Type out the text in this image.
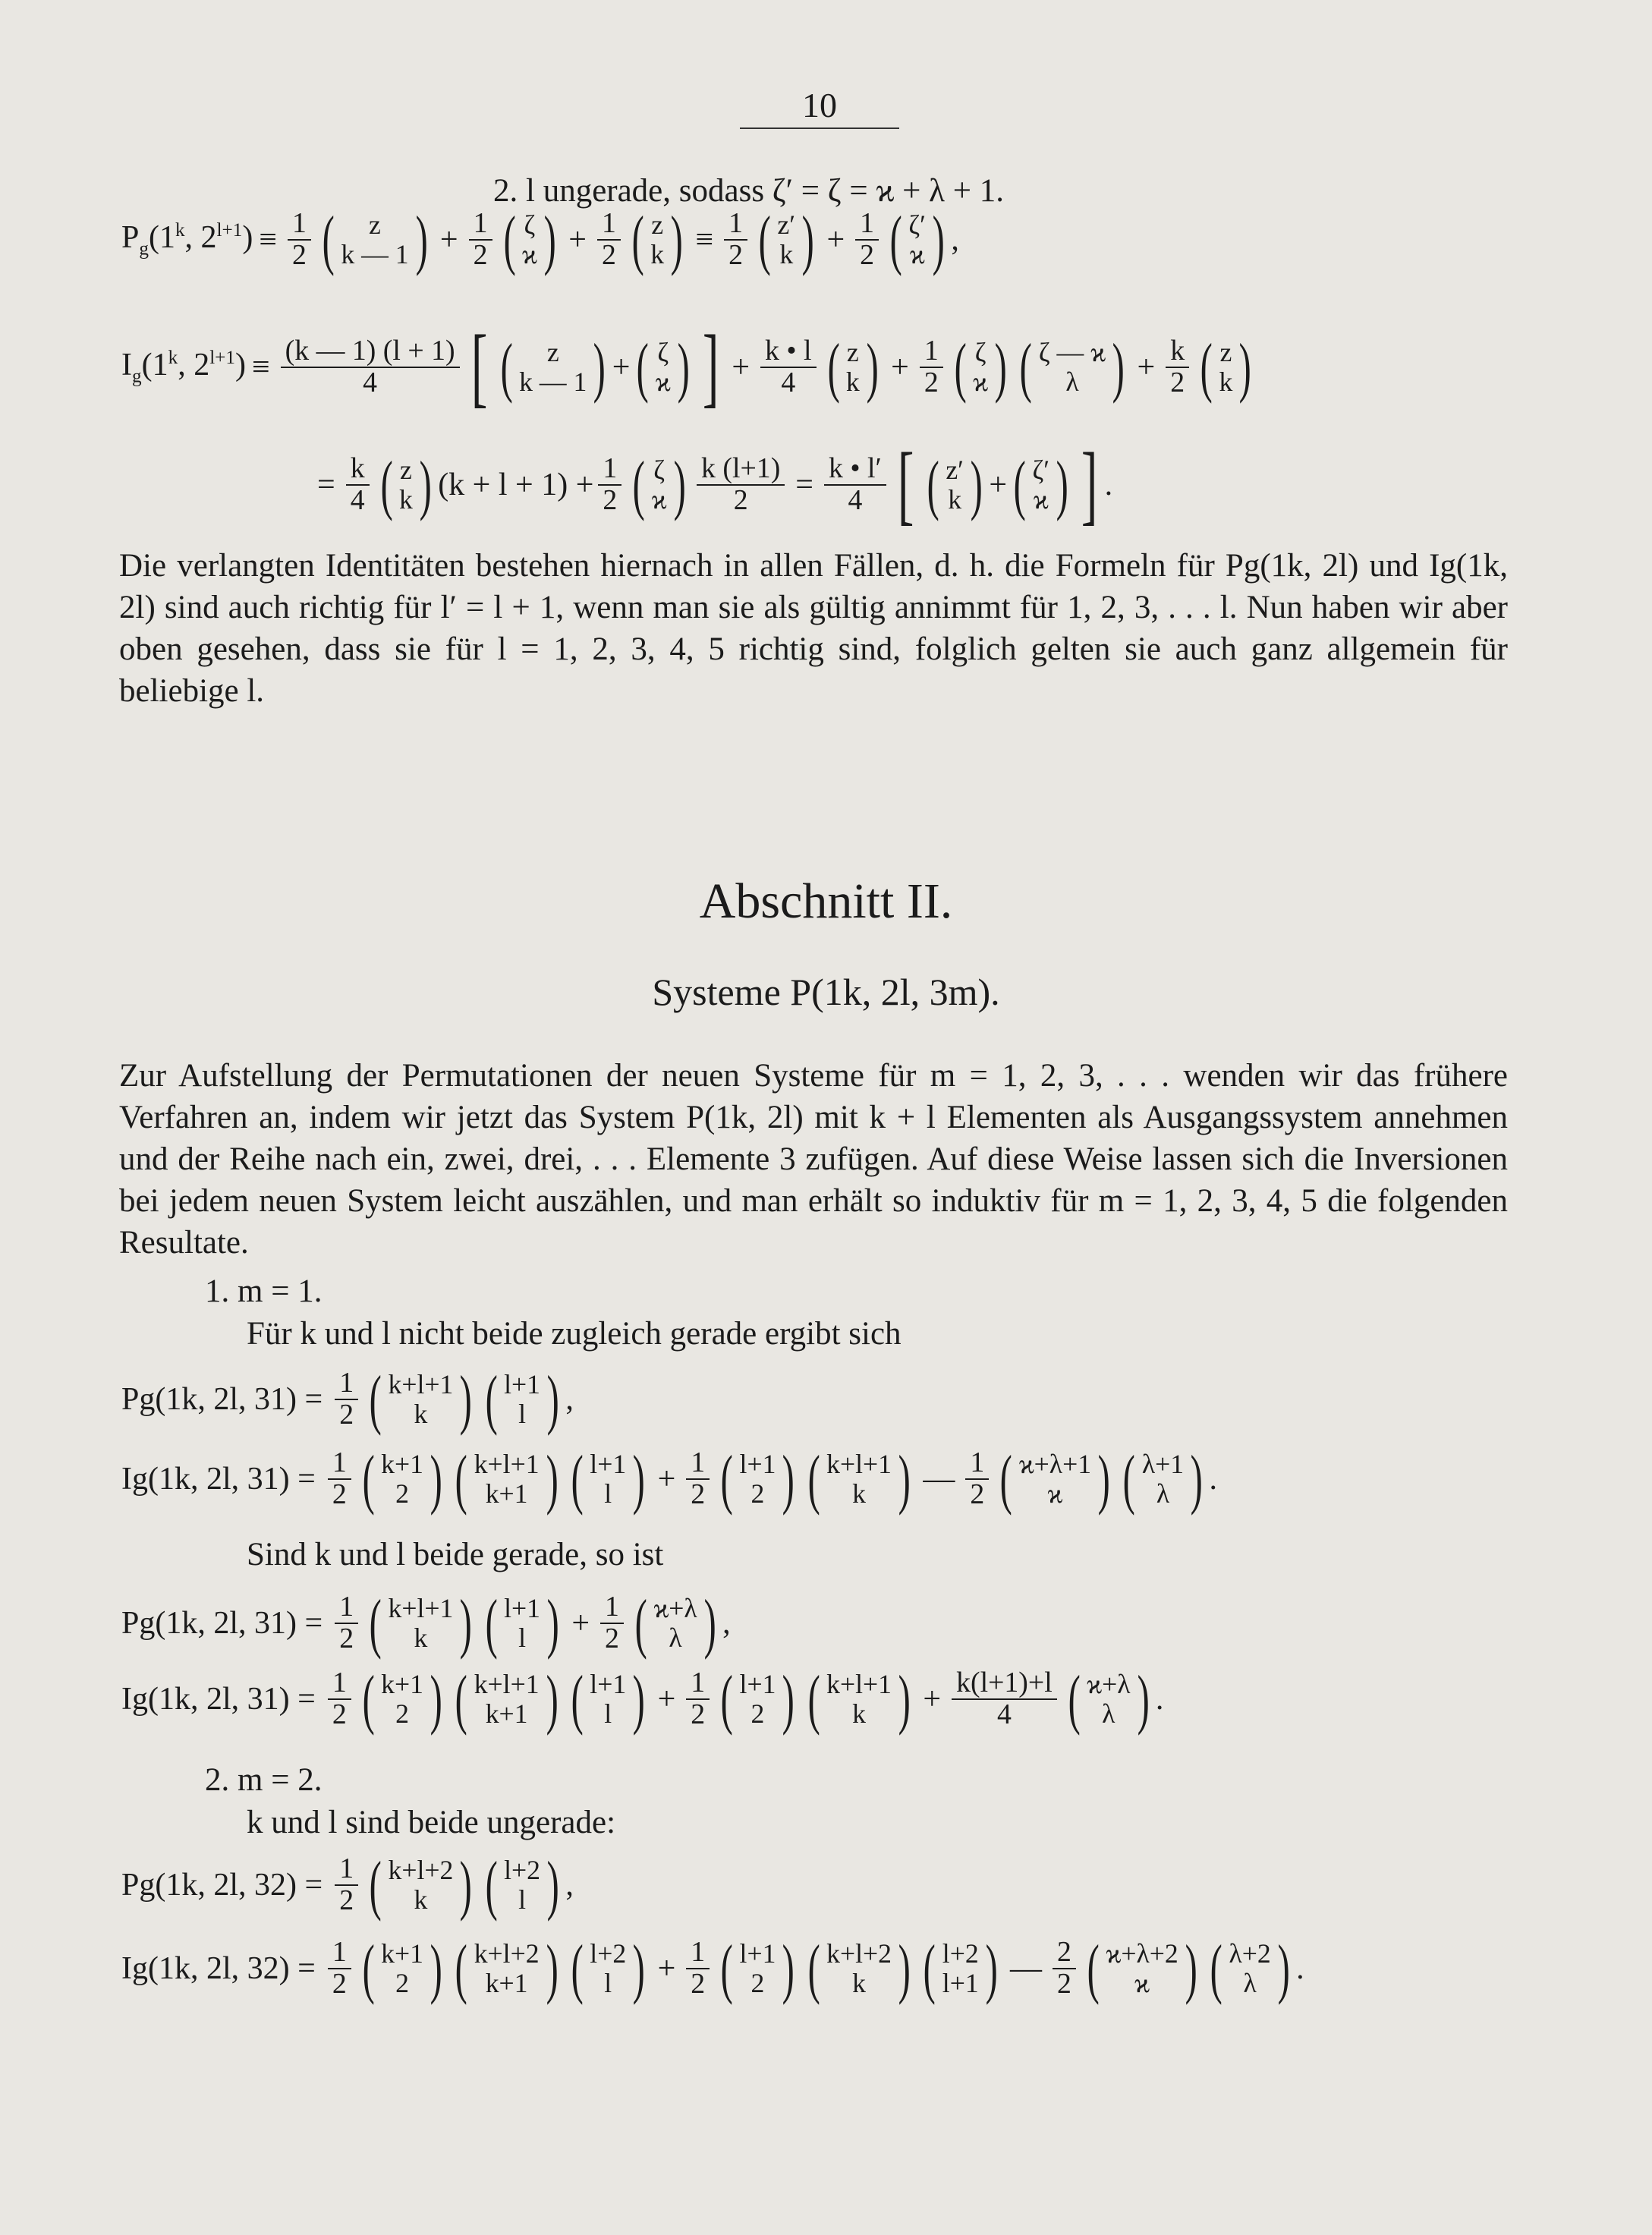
10
2. l ungerade, sodass ζ′ = ζ = ϰ + λ + 1.
$P_g(1^k$, $2^{l+1}) \equiv \frac{1}{2}$ ( z
k — 1 ) + $\frac{1}{2}$ ( ζ
ϰ ) + $\frac{1}{2}$ ( z
k ) ≡ $\frac{1}{2}$ ( z′
k ) + $\frac{1}{2}$ ( ζ′
ϰ ) ,
$I_g(1^k$, $2^{l+1}) \equiv \frac{(k — 1) (l + 1)}{4}$ [ ( z
k — 1 ) + ( ζ
ϰ ) ] + $\frac{k • l}{4}$ ( z
k ) + $\frac{1}{2}$ ( ζ
ϰ ) ( ζ — ϰ
λ ) + $\frac{k}{2}$ ( z
k )
= $\frac{k}{4}$ ( z
k ) $(k + l + 1) + \frac{1}{2}$ ( ζ
ϰ ) $\frac{k (l+1)}{2} = \frac{k • l'}{4}$ [ ( z′
k ) + ( ζ′
ϰ ) ] .

Die verlangten Identitäten bestehen hiernach in allen Fällen, d. h. die Formeln für Pg(1k, 2l) und Ig(1k, 2l) sind auch richtig für l′ = l + 1, wenn man sie als gültig annimmt für 1, 2, 3, . . . l. Nun haben wir aber oben gesehen, dass sie für l = 1, 2, 3, 4, 5 richtig sind, folglich gelten sie auch ganz allgemein für beliebige l.

Abschnitt II.
Systeme P(1k, 2l, 3m).

Zur Aufstellung der Permutationen der neuen Systeme für m = 1, 2, 3, . . . wenden wir das frühere Verfahren an, indem wir jetzt das System P(1k, 2l) mit k + l Elementen als Ausgangssystem annehmen und der Reihe nach ein, zwei, drei, . . . Elemente 3 zufügen. Auf diese Weise lassen sich die Inversionen bei jedem neuen System leicht auszählen, und man erhält so induktiv für m = 1, 2, 3, 4, 5 die folgenden Resultate.

1. m = 1.
Für k und l nicht beide zugleich gerade ergibt sich
Pg(1k, 2l, $31) = \frac{1}{2}$ ( k+l+1
k ) ( l+1
l ) ,
Ig(1k, 2l, $31) = \frac{1}{2}$ ( k+1
2 ) ( k+l+1
k+1 ) ( l+1
l ) + $\frac{1}{2}$ ( l+1
2 ) ( k+l+1
k ) — $\frac{1}{2}$ ( ϰ+λ+1
ϰ ) ( λ+1
λ ) .
Sind k und l beide gerade, so ist
Pg(1k, 2l, $31) = \frac{1}{2}$ ( k+l+1
k ) ( l+1
l ) + $\frac{1}{2}$ ( ϰ+λ
λ ) ,
Ig(1k, 2l, $31) = \frac{1}{2}$ ( k+1
2 ) ( k+l+1
k+1 ) ( l+1
l ) + $\frac{1}{2}$ ( l+1
2 ) ( k+l+1
k ) + $\frac{k(l+1)+l}{4}$ ( ϰ+λ
λ ) .
2. m = 2.
k und l sind beide ungerade:
Pg(1k, 2l, $32) = \frac{1}{2}$ ( k+l+2
k ) ( l+2
l ) ,
Ig(1k, 2l, $32) = \frac{1}{2}$ ( k+1
2 ) ( k+l+2
k+1 ) ( l+2
l ) + $\frac{1}{2}$ ( l+1
2 ) ( k+l+2
k ) ( l+2
l+1 ) — $\frac{2}{2}$ ( ϰ+λ+2
ϰ ) ( λ+2
λ ) .
